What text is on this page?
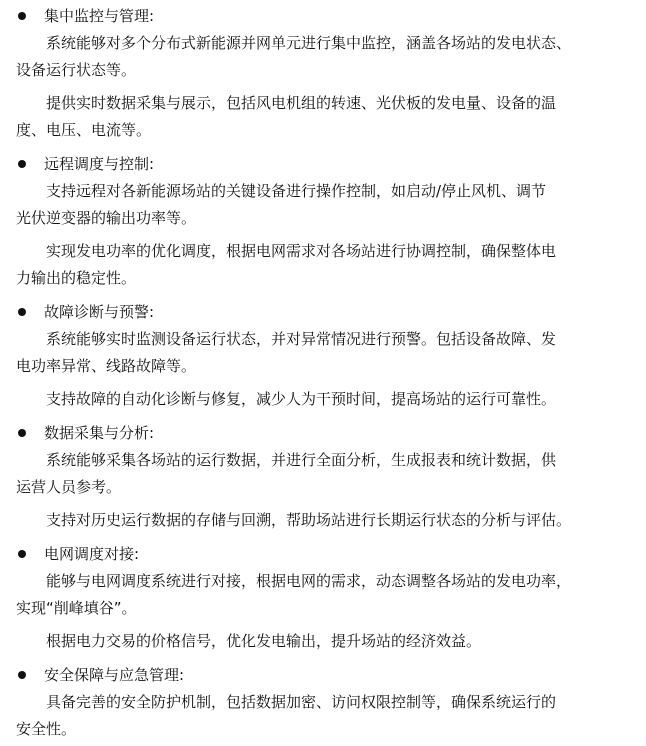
集中监控与管理:

系统能够对多个分布式新能源并网单元进行集中监控，涵盖各场站的发电状态、
设备运行状态等。

提供实时数据采集与展示，包括风电机组的转速、光伏板的发电量、设备的温
度、电压、电流等。

远程调度与控制:

支持远程对各新能源场站的关键设备进行操作控制，如启动/停止风机、调节
光伏逆变器的输出功率等。

实现发电功率的优化调度，根据电网需求对各场站进行协调控制，确保整体电
力输出的稳定性。

故障诊断与预警:

系统能够实时监测设备运行状态，并对异常情况进行预警。包括设备故障、发
电功率异常、线路故障等。

支持故障的自动化诊断与修复，减少人为干预时间，提高场站的运行可靠性。

数据采集与分析:

系统能够采集各场站的运行数据，并进行全面分析，生成报表和统计数据，供
运营人员参考。

支持对历史运行数据的存储与回溯，帮助场站进行长期运行状态的分析与评估。

电网调度对接:

能够与电网调度系统进行对接，根据电网的需求，动态调整各场站的发电功率，
实现“削峰填谷”。

根据电力交易的价格信号，优化发电输出，提升场站的经济效益。

安全保障与应急管理:

具备完善的安全防护机制，包括数据加密、访问权限控制等，确保系统运行的
安全性。
